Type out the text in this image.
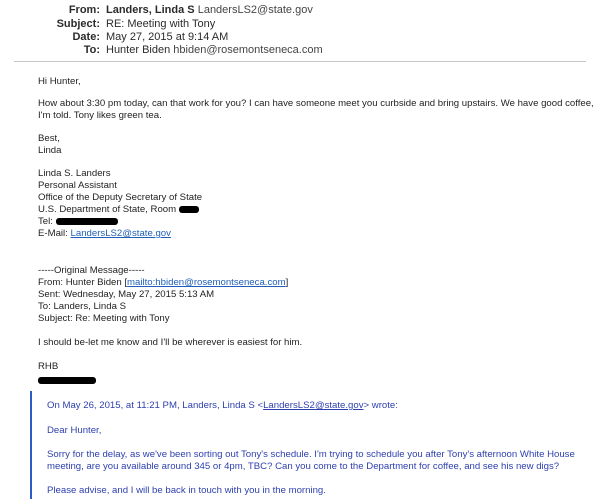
From: Landers, Linda S LandersLS2@state.gov
Subject: RE: Meeting with Tony
Date: May 27, 2015 at 9:14 AM
To: Hunter Biden hbiden@rosemontseneca.com
Hi Hunter,
How about 3:30 pm today, can that work for you? I can have someone meet you curbside and bring upstairs. We have good coffee,
I'm told. Tony likes green tea.
Best,
Linda
Linda S. Landers
Personal Assistant
Office of the Deputy Secretary of State
U.S. Department of State, Room
Tel:
E-Mail: LandersLS2@state.gov
-----Original Message-----
From: Hunter Biden [mailto:hbiden@rosemontseneca.com]
Sent: Wednesday, May 27, 2015 5:13 AM
To: Landers, Linda S
Subject: Re: Meeting with Tony
I should be-let me know and I'll be wherever is easiest for him.
RHB
On May 26, 2015, at 11:21 PM, Landers, Linda S <LandersLS2@state.gov> wrote:
Dear Hunter,
Sorry for the delay, as we've been sorting out Tony's schedule. I'm trying to schedule you after Tony's afternoon White House
meeting, are you available around 345 or 4pm, TBC? Can you come to the Department for coffee, and see his new digs?
Please advise, and I will be back in touch with you in the morning.
